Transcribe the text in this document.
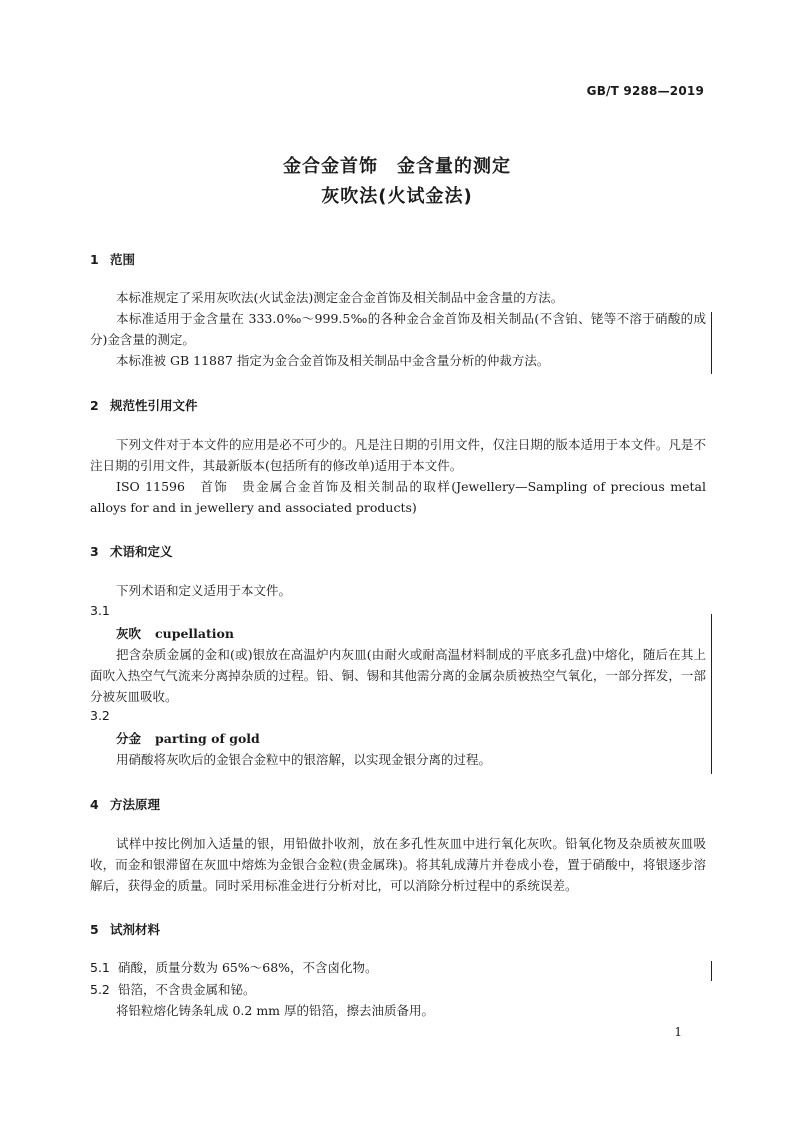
GB/T 9288—2019
金合金首饰　金含量的测定
灰吹法(火试金法)
1 范围
本标准规定了采用灰吹法(火试金法)测定金合金首饰及相关制品中金含量的方法。
本标准适用于金含量在 333.0‰～999.5‰的各种金合金首饰及相关制品(不含铂、铑等不溶于硝酸的成分)金含量的测定。
本标准被 GB 11887 指定为金合金首饰及相关制品中金含量分析的仲裁方法。
2 规范性引用文件
下列文件对于本文件的应用是必不可少的。凡是注日期的引用文件，仅注日期的版本适用于本文件。凡是不注日期的引用文件，其最新版本(包括所有的修改单)适用于本文件。
ISO 11596　首饰　贵金属合金首饰及相关制品的取样(Jewellery—Sampling of precious metal alloys for and in jewellery and associated products)
3 术语和定义
下列术语和定义适用于本文件。
3.1
灰吹 cupellation
把含杂质金属的金和(或)银放在高温炉内灰皿(由耐火或耐高温材料制成的平底多孔盘)中熔化，随后在其上面吹入热空气气流来分离掉杂质的过程。铅、铜、锡和其他需分离的金属杂质被热空气氧化，一部分挥发，一部分被灰皿吸收。
3.2
分金 parting of gold
用硝酸将灰吹后的金银合金粒中的银溶解，以实现金银分离的过程。
4 方法原理
试样中按比例加入适量的银，用铅做扑收剂，放在多孔性灰皿中进行氧化灰吹。铅氧化物及杂质被灰皿吸收，而金和银滞留在灰皿中熔炼为金银合金粒(贵金属珠)。将其轧成薄片并卷成小卷，置于硝酸中，将银逐步溶解后，获得金的质量。同时采用标准金进行分析对比，可以消除分析过程中的系统误差。
5 试剂材料
5.1 硝酸，质量分数为 65%～68%，不含卤化物。
5.2 铅箔，不含贵金属和铋。
将铅粒熔化铸条轧成 0.2 mm 厚的铅箔，擦去油质备用。
1
